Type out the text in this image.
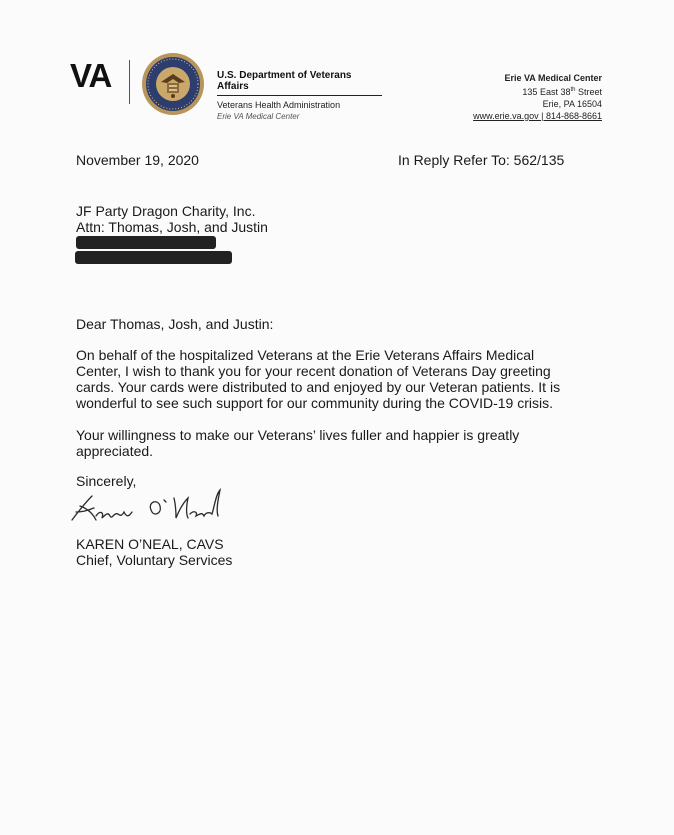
VA	U.S. Department of Veterans Affairs
Veterans Health Administration
Erie VA Medical Center
Erie VA Medical Center
135 East 38th Street
Erie, PA 16504
www.erie.va.gov | 814-868-8661
November 19, 2020	In Reply Refer To: 562/135
JF Party Dragon Charity, Inc.
Attn: Thomas, Josh, and Justin
Dear Thomas, Josh, and Justin:

On behalf of the hospitalized Veterans at the Erie Veterans Affairs Medical Center, I wish to thank you for your recent donation of Veterans Day greeting cards. Your cards were distributed to and enjoyed by our Veteran patients. It is wonderful to see such support for our community during the COVID-19 crisis.

Your willingness to make our Veterans’ lives fuller and happier is greatly appreciated.

Sincerely,
KAREN O’NEAL, CAVS
Chief, Voluntary Services
